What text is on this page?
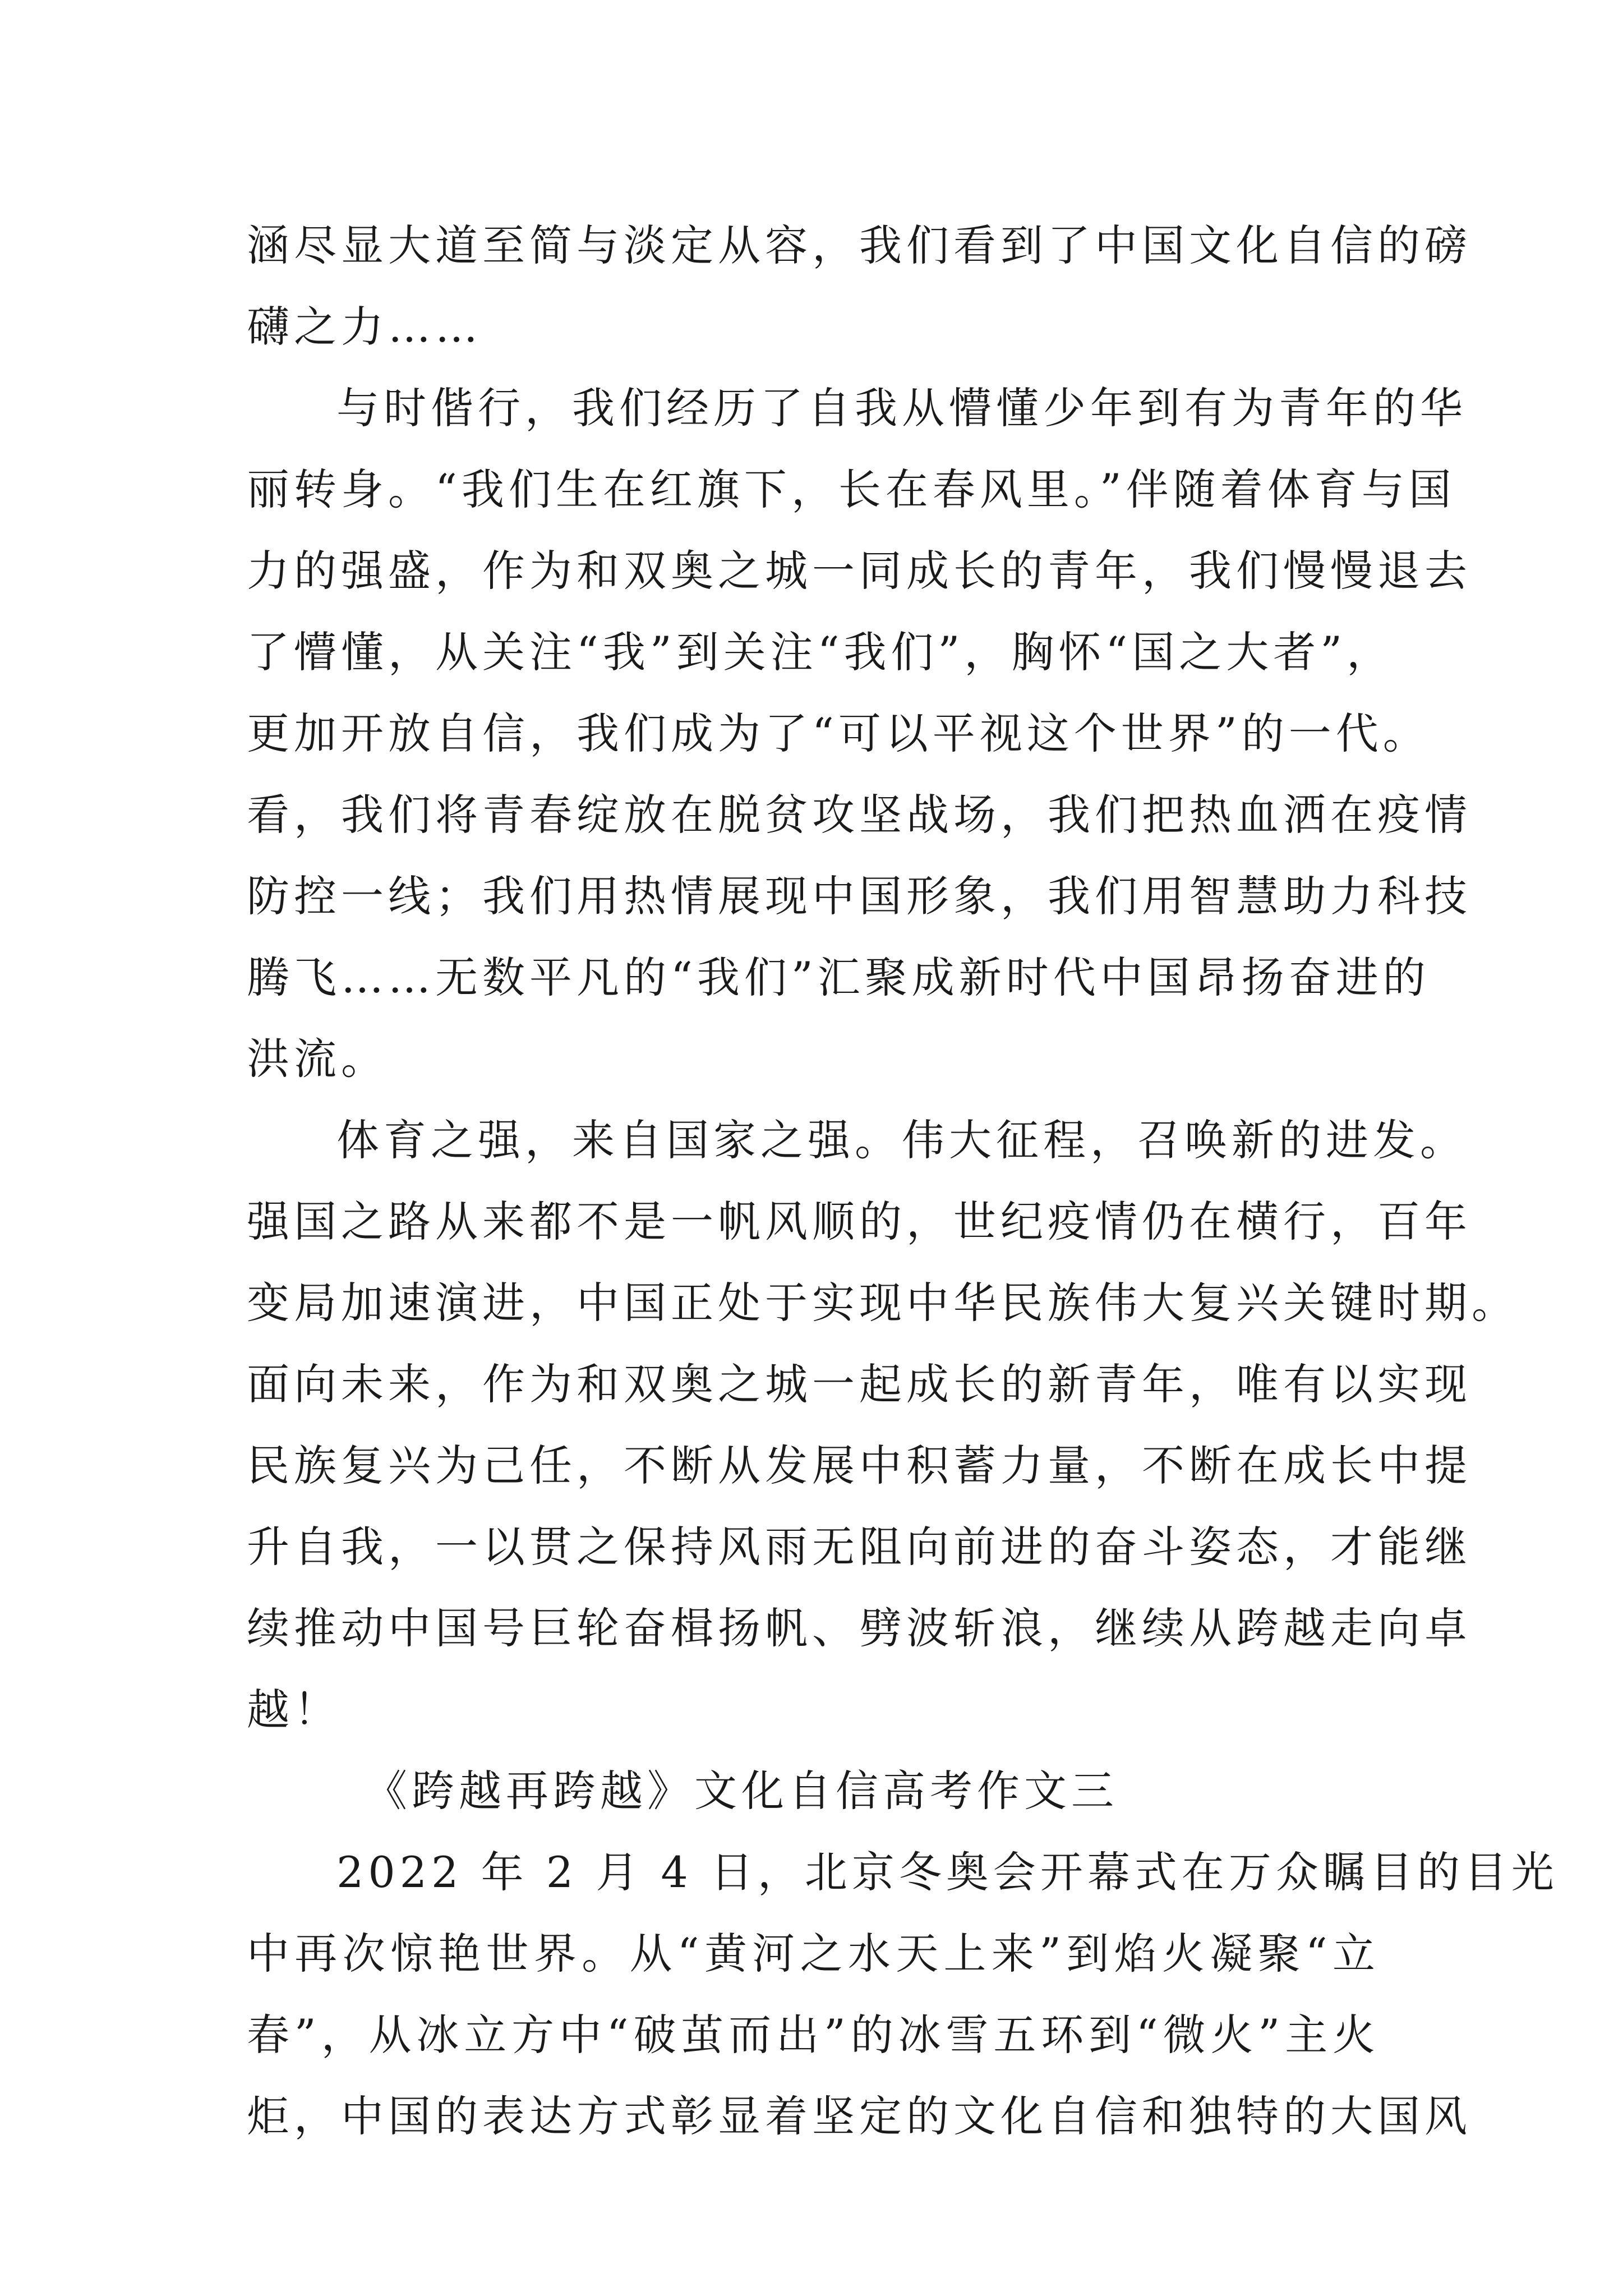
涵尽显大道至简与淡定从容，我们看到了中国文化自信的磅
礴之力……
与时偕行，我们经历了自我从懵懂少年到有为青年的华
丽转身。“我们生在红旗下，长在春风里。”伴随着体育与国
力的强盛，作为和双奥之城一同成长的青年，我们慢慢退去
了懵懂，从关注“我”到关注“我们”，胸怀“国之大者”，
更加开放自信，我们成为了“可以平视这个世界”的一代。
看，我们将青春绽放在脱贫攻坚战场，我们把热血洒在疫情
防控一线；我们用热情展现中国形象，我们用智慧助力科技
腾飞……无数平凡的“我们”汇聚成新时代中国昂扬奋进的
洪流。
体育之强，来自国家之强。伟大征程，召唤新的进发。
强国之路从来都不是一帆风顺的，世纪疫情仍在横行，百年
变局加速演进，中国正处于实现中华民族伟大复兴关键时期。
面向未来，作为和双奥之城一起成长的新青年，唯有以实现
民族复兴为己任，不断从发展中积蓄力量，不断在成长中提
升自我，一以贯之保持风雨无阻向前进的奋斗姿态，才能继
续推动中国号巨轮奋楫扬帆、劈波斩浪，继续从跨越走向卓
越！
《跨越再跨越》文化自信高考作文三
2022 年 2 月 4 日，北京冬奥会开幕式在万众瞩目的目光
中再次惊艳世界。从“黄河之水天上来”到焰火凝聚“立
春”，从冰立方中“破茧而出”的冰雪五环到“微火”主火
炬，中国的表达方式彰显着坚定的文化自信和独特的大国风
